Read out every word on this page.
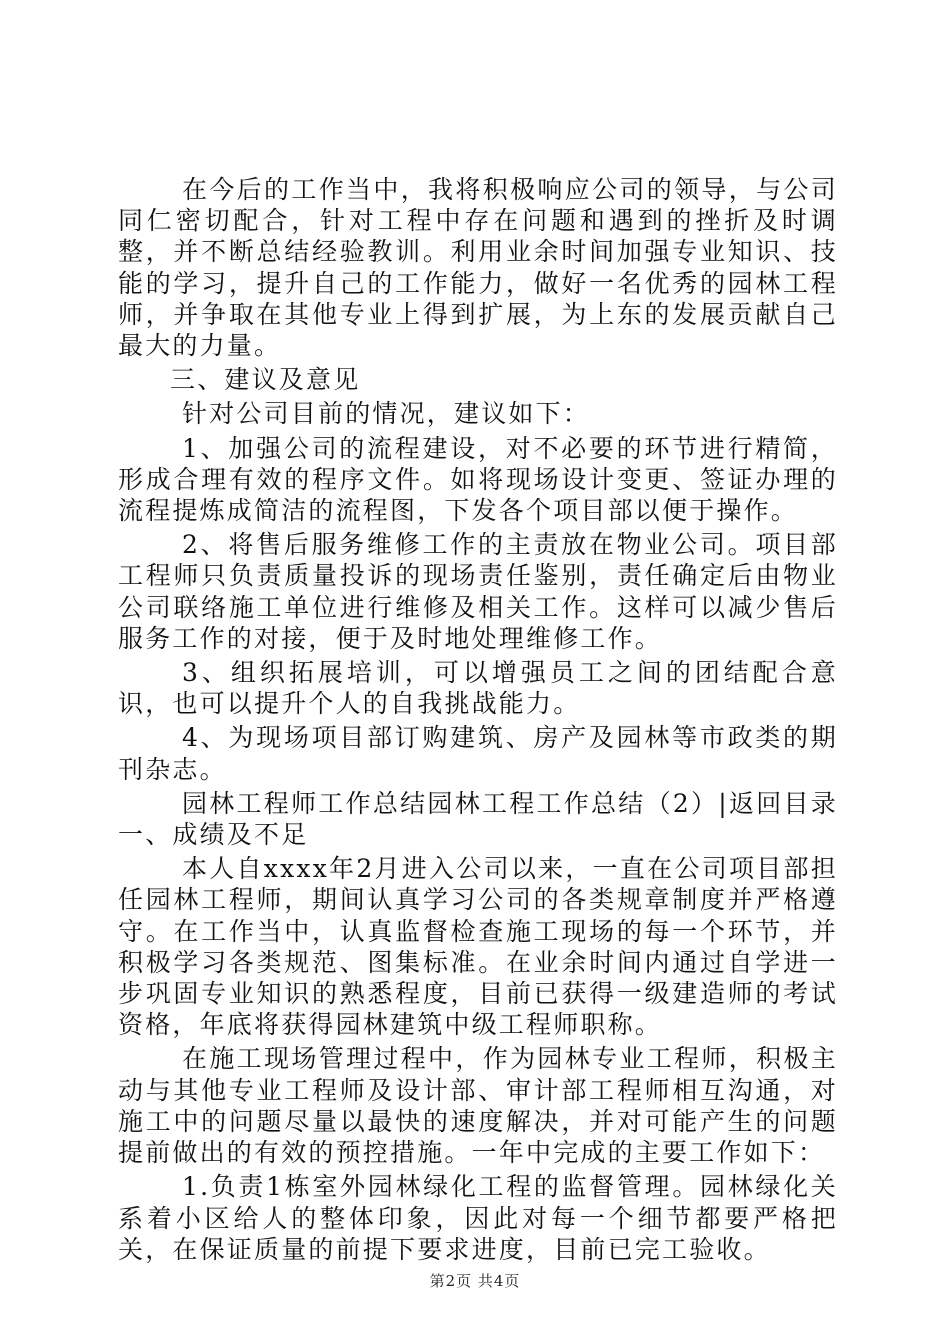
在今后的工作当中，我将积极响应公司的领导，与公司同仁密切配合，针对工程中存在问题和遇到的挫折及时调整，并不断总结经验教训。利用业余时间加强专业知识、技能的学习，提升自己的工作能力，做好一名优秀的园林工程师，并争取在其他专业上得到扩展，为上东的发展贡献自己最大的力量。

三、建议及意见

针对公司目前的情况，建议如下：

1、加强公司的流程建设，对不必要的环节进行精简，形成合理有效的程序文件。如将现场设计变更、签证办理的流程提炼成简洁的流程图，下发各个项目部以便于操作。

2、将售后服务维修工作的主责放在物业公司。项目部工程师只负责质量投诉的现场责任鉴别，责任确定后由物业公司联络施工单位进行维修及相关工作。这样可以减少售后服务工作的对接，便于及时地处理维修工作。

3、组织拓展培训，可以增强员工之间的团结配合意识，也可以提升个人的自我挑战能力。

4、为现场项目部订购建筑、房产及园林等市政类的期刊杂志。

园林工程师工作总结园林工程工作总结（2）|返回目录一、成绩及不足

本人自xxxx年2月进入公司以来，一直在公司项目部担任园林工程师，期间认真学习公司的各类规章制度并严格遵守。在工作当中，认真监督检查施工现场的每一个环节，并积极学习各类规范、图集标准。在业余时间内通过自学进一步巩固专业知识的熟悉程度，目前已获得一级建造师的考试资格，年底将获得园林建筑中级工程师职称。

在施工现场管理过程中，作为园林专业工程师，积极主动与其他专业工程师及设计部、审计部工程师相互沟通，对施工中的问题尽量以最快的速度解决，并对可能产生的问题提前做出的有效的预控措施。一年中完成的主要工作如下：

1.负责1栋室外园林绿化工程的监督管理。园林绿化关系着小区给人的整体印象，因此对每一个细节都要严格把关，在保证质量的前提下要求进度，目前已完工验收。

第2页 共4页
